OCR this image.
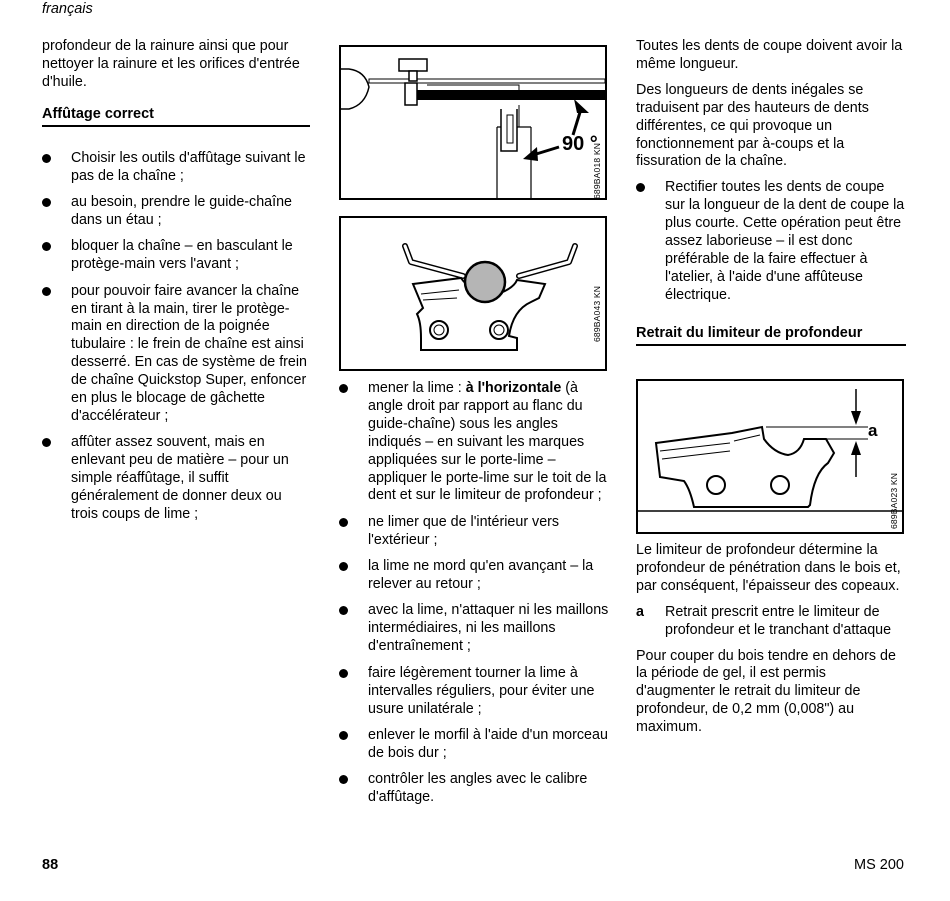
français

profondeur de la rainure ainsi que pour nettoyer la rainure et les orifices d'entrée d'huile.

Affûtage correct
Choisir les outils d'affûtage suivant le pas de la chaîne ;
au besoin, prendre le guide-chaîne dans un étau ;
bloquer la chaîne – en basculant le protège-main vers l'avant ;
pour pouvoir faire avancer la chaîne en tirant à la main, tirer le protège-main en direction de la poignée tubulaire : le frein de chaîne est ainsi desserré. En cas de système de frein de chaîne Quickstop Super, enfoncer en plus le blocage de gâchette d'accélérateur ;
affûter assez souvent, mais en enlevant peu de matière – pour un simple réaffûtage, il suffit généralement de donner deux ou trois coups de lime ;
90 °
689BA018 KN
689BA043 KN
mener la lime : à l'horizontale (à angle droit par rapport au flanc du guide-chaîne) sous les angles indiqués – en suivant les marques appliquées sur le porte-lime – appliquer le porte-lime sur le toit de la dent et sur le limiteur de profondeur ;
ne limer que de l'intérieur vers l'extérieur ;
la lime ne mord qu'en avançant – la relever au retour ;
avec la lime, n'attaquer ni les maillons intermédiaires, ni les maillons d'entraînement ;
faire légèrement tourner la lime à intervalles réguliers, pour éviter une usure unilatérale ;
enlever le morfil à l'aide d'un morceau de bois dur ;
contrôler les angles avec le calibre d'affûtage.

Toutes les dents de coupe doivent avoir la même longueur.

Des longueurs de dents inégales se traduisent par des hauteurs de dents différentes, ce qui provoque un fonctionnement par à-coups et la fissuration de la chaîne.

Rectifier toutes les dents de coupe sur la longueur de la dent de coupe la plus courte. Cette opération peut être assez laborieuse – il est donc préférable de la faire effectuer à l'atelier, à l'aide d'une affûteuse électrique.
Retrait du limiteur de profondeur
a
689BA023 KN

Le limiteur de profondeur détermine la profondeur de pénétration dans le bois et, par conséquent, l'épaisseur des copeaux.

a Retrait prescrit entre le limiteur de profondeur et le tranchant d'attaque

Pour couper du bois tendre en dehors de la période de gel, il est permis d'augmenter le retrait du limiteur de profondeur, de 0,2 mm (0,008") au maximum.

88	MS 200
